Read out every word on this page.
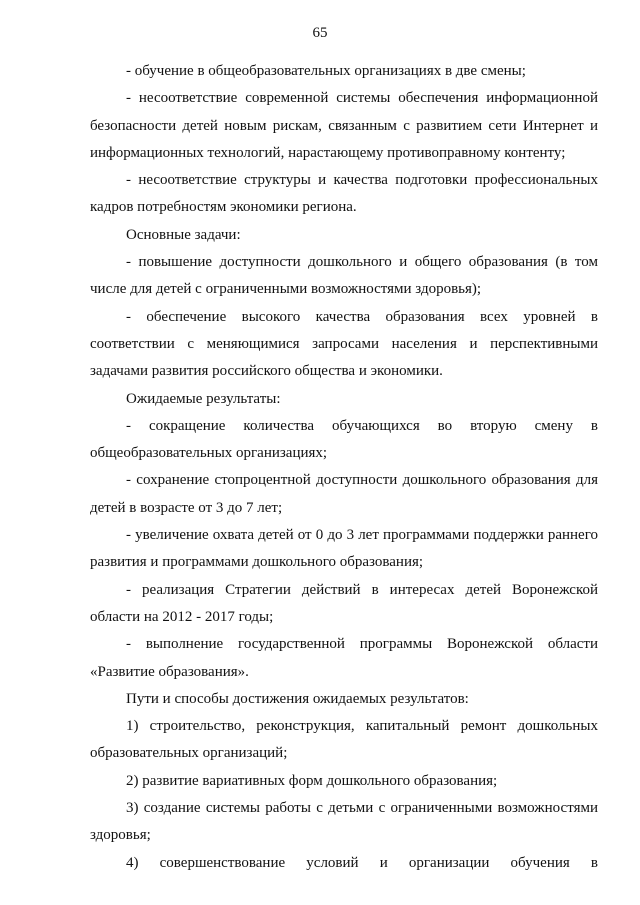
65

- обучение в общеобразовательных организациях в две смены;

- несоответствие современной системы обеспечения информационной безопасности детей новым рискам, связанным с развитием сети Интернет и информационных технологий, нарастающему противоправному контенту;

- несоответствие структуры и качества подготовки профессиональных кадров потребностям экономики региона.

Основные задачи:

- повышение доступности дошкольного и общего образования (в том числе для детей с ограниченными возможностями здоровья);

- обеспечение высокого качества образования всех уровней в соответствии с меняющимися запросами населения и перспективными задачами развития российского общества и экономики.

Ожидаемые результаты:

- сокращение количества обучающихся во вторую смену в общеобразовательных организациях;

- сохранение стопроцентной доступности дошкольного образования для детей в возрасте от 3 до 7 лет;

- увеличение охвата детей от 0 до 3 лет программами поддержки раннего развития и программами дошкольного образования;

- реализация Стратегии действий в интересах детей Воронежской области на 2012 - 2017 годы;

- выполнение государственной программы Воронежской области «Развитие образования».

Пути и способы достижения ожидаемых результатов:

1) строительство, реконструкция, капитальный ремонт дошкольных образовательных организаций;

2) развитие вариативных форм дошкольного образования;

3) создание системы работы с детьми с ограниченными возможностями здоровья;

4) совершенствование условий и организации обучения в
